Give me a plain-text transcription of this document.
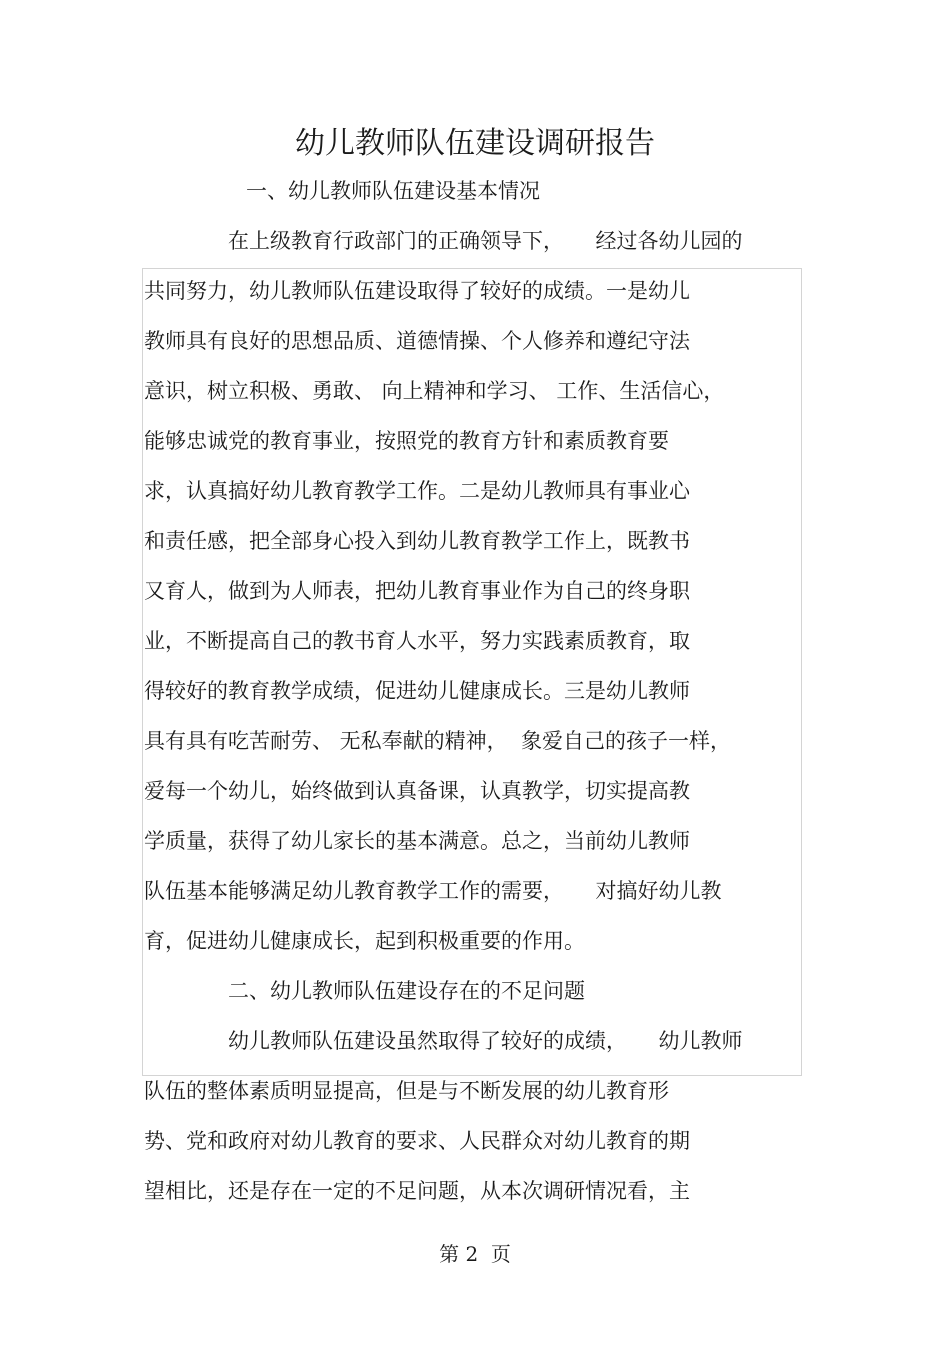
幼儿教师队伍建设调研报告

一、幼儿教师队伍建设基本情况

在上级教育行政部门的正确领导下，　　经过各幼儿园的

共同努力，幼儿教师队伍建设取得了较好的成绩。一是幼儿

教师具有良好的思想品质、道德情操、个人修养和遵纪守法

意识，树立积极、勇敢、 向上精神和学习、 工作、生活信心，

能够忠诚党的教育事业，按照党的教育方针和素质教育要

求，认真搞好幼儿教育教学工作。二是幼儿教师具有事业心

和责任感，把全部身心投入到幼儿教育教学工作上，既教书

又育人，做到为人师表，把幼儿教育事业作为自己的终身职

业，不断提高自己的教书育人水平，努力实践素质教育，取

得较好的教育教学成绩，促进幼儿健康成长。三是幼儿教师

具有具有吃苦耐劳、 无私奉献的精神，  象爱自己的孩子一样，

爱每一个幼儿，始终做到认真备课，认真教学，切实提高教

学质量，获得了幼儿家长的基本满意。总之，当前幼儿教师

队伍基本能够满足幼儿教育教学工作的需要，　　对搞好幼儿教

育，促进幼儿健康成长，起到积极重要的作用。

二、幼儿教师队伍建设存在的不足问题

幼儿教师队伍建设虽然取得了较好的成绩，　　幼儿教师

队伍的整体素质明显提高，但是与不断发展的幼儿教育形

势、党和政府对幼儿教育的要求、人民群众对幼儿教育的期

望相比，还是存在一定的不足问题，从本次调研情况看，主

第 2  页
